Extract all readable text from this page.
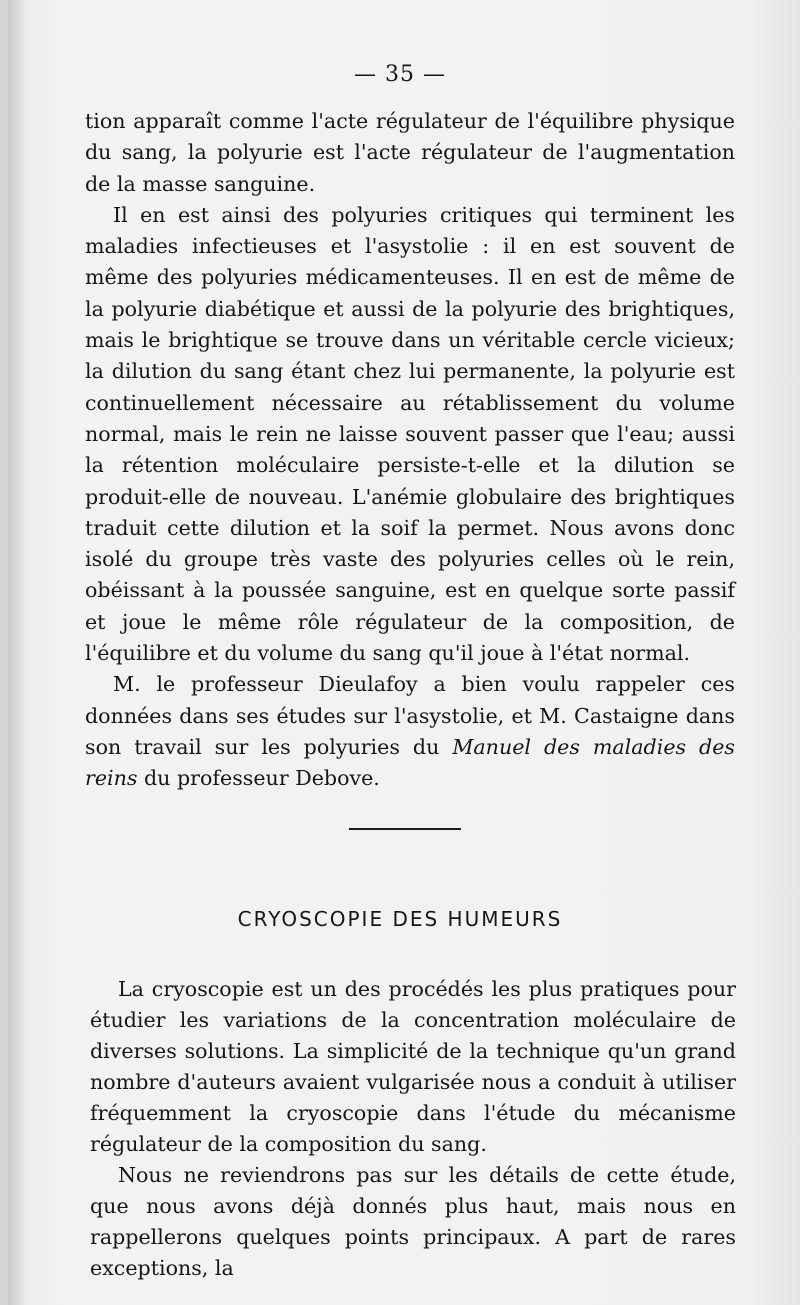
— 35 —

tion apparaît comme l'acte régulateur de l'équilibre physique du sang, la polyurie est l'acte régulateur de l'augmentation de la masse sanguine.

Il en est ainsi des polyuries critiques qui terminent les maladies infectieuses et l'asystolie : il en est souvent de même des polyuries médicamenteuses. Il en est de même de la polyurie diabétique et aussi de la polyurie des brightiques, mais le brightique se trouve dans un véritable cercle vicieux; la dilution du sang étant chez lui permanente, la polyurie est continuellement nécessaire au rétablissement du volume normal, mais le rein ne laisse souvent passer que l'eau; aussi la rétention moléculaire persiste-t-elle et la dilution se produit-elle de nouveau. L'anémie globulaire des brightiques traduit cette dilution et la soif la permet. Nous avons donc isolé du groupe très vaste des polyuries celles où le rein, obéissant à la poussée sanguine, est en quelque sorte passif et joue le même rôle régulateur de la composition, de l'équilibre et du volume du sang qu'il joue à l'état normal.

M. le professeur Dieulafoy a bien voulu rappeler ces données dans ses études sur l'asystolie, et M. Castaigne dans son travail sur les polyuries du Manuel des maladies des reins du professeur Debove.

CRYOSCOPIE DES HUMEURS

La cryoscopie est un des procédés les plus pratiques pour étudier les variations de la concentration moléculaire de diverses solutions. La simplicité de la technique qu'un grand nombre d'auteurs avaient vulgarisée nous a conduit à utiliser fréquemment la cryoscopie dans l'étude du mécanisme régulateur de la composition du sang.

Nous ne reviendrons pas sur les détails de cette étude, que nous avons déjà donnés plus haut, mais nous en rappellerons quelques points principaux. A part de rares exceptions, la
